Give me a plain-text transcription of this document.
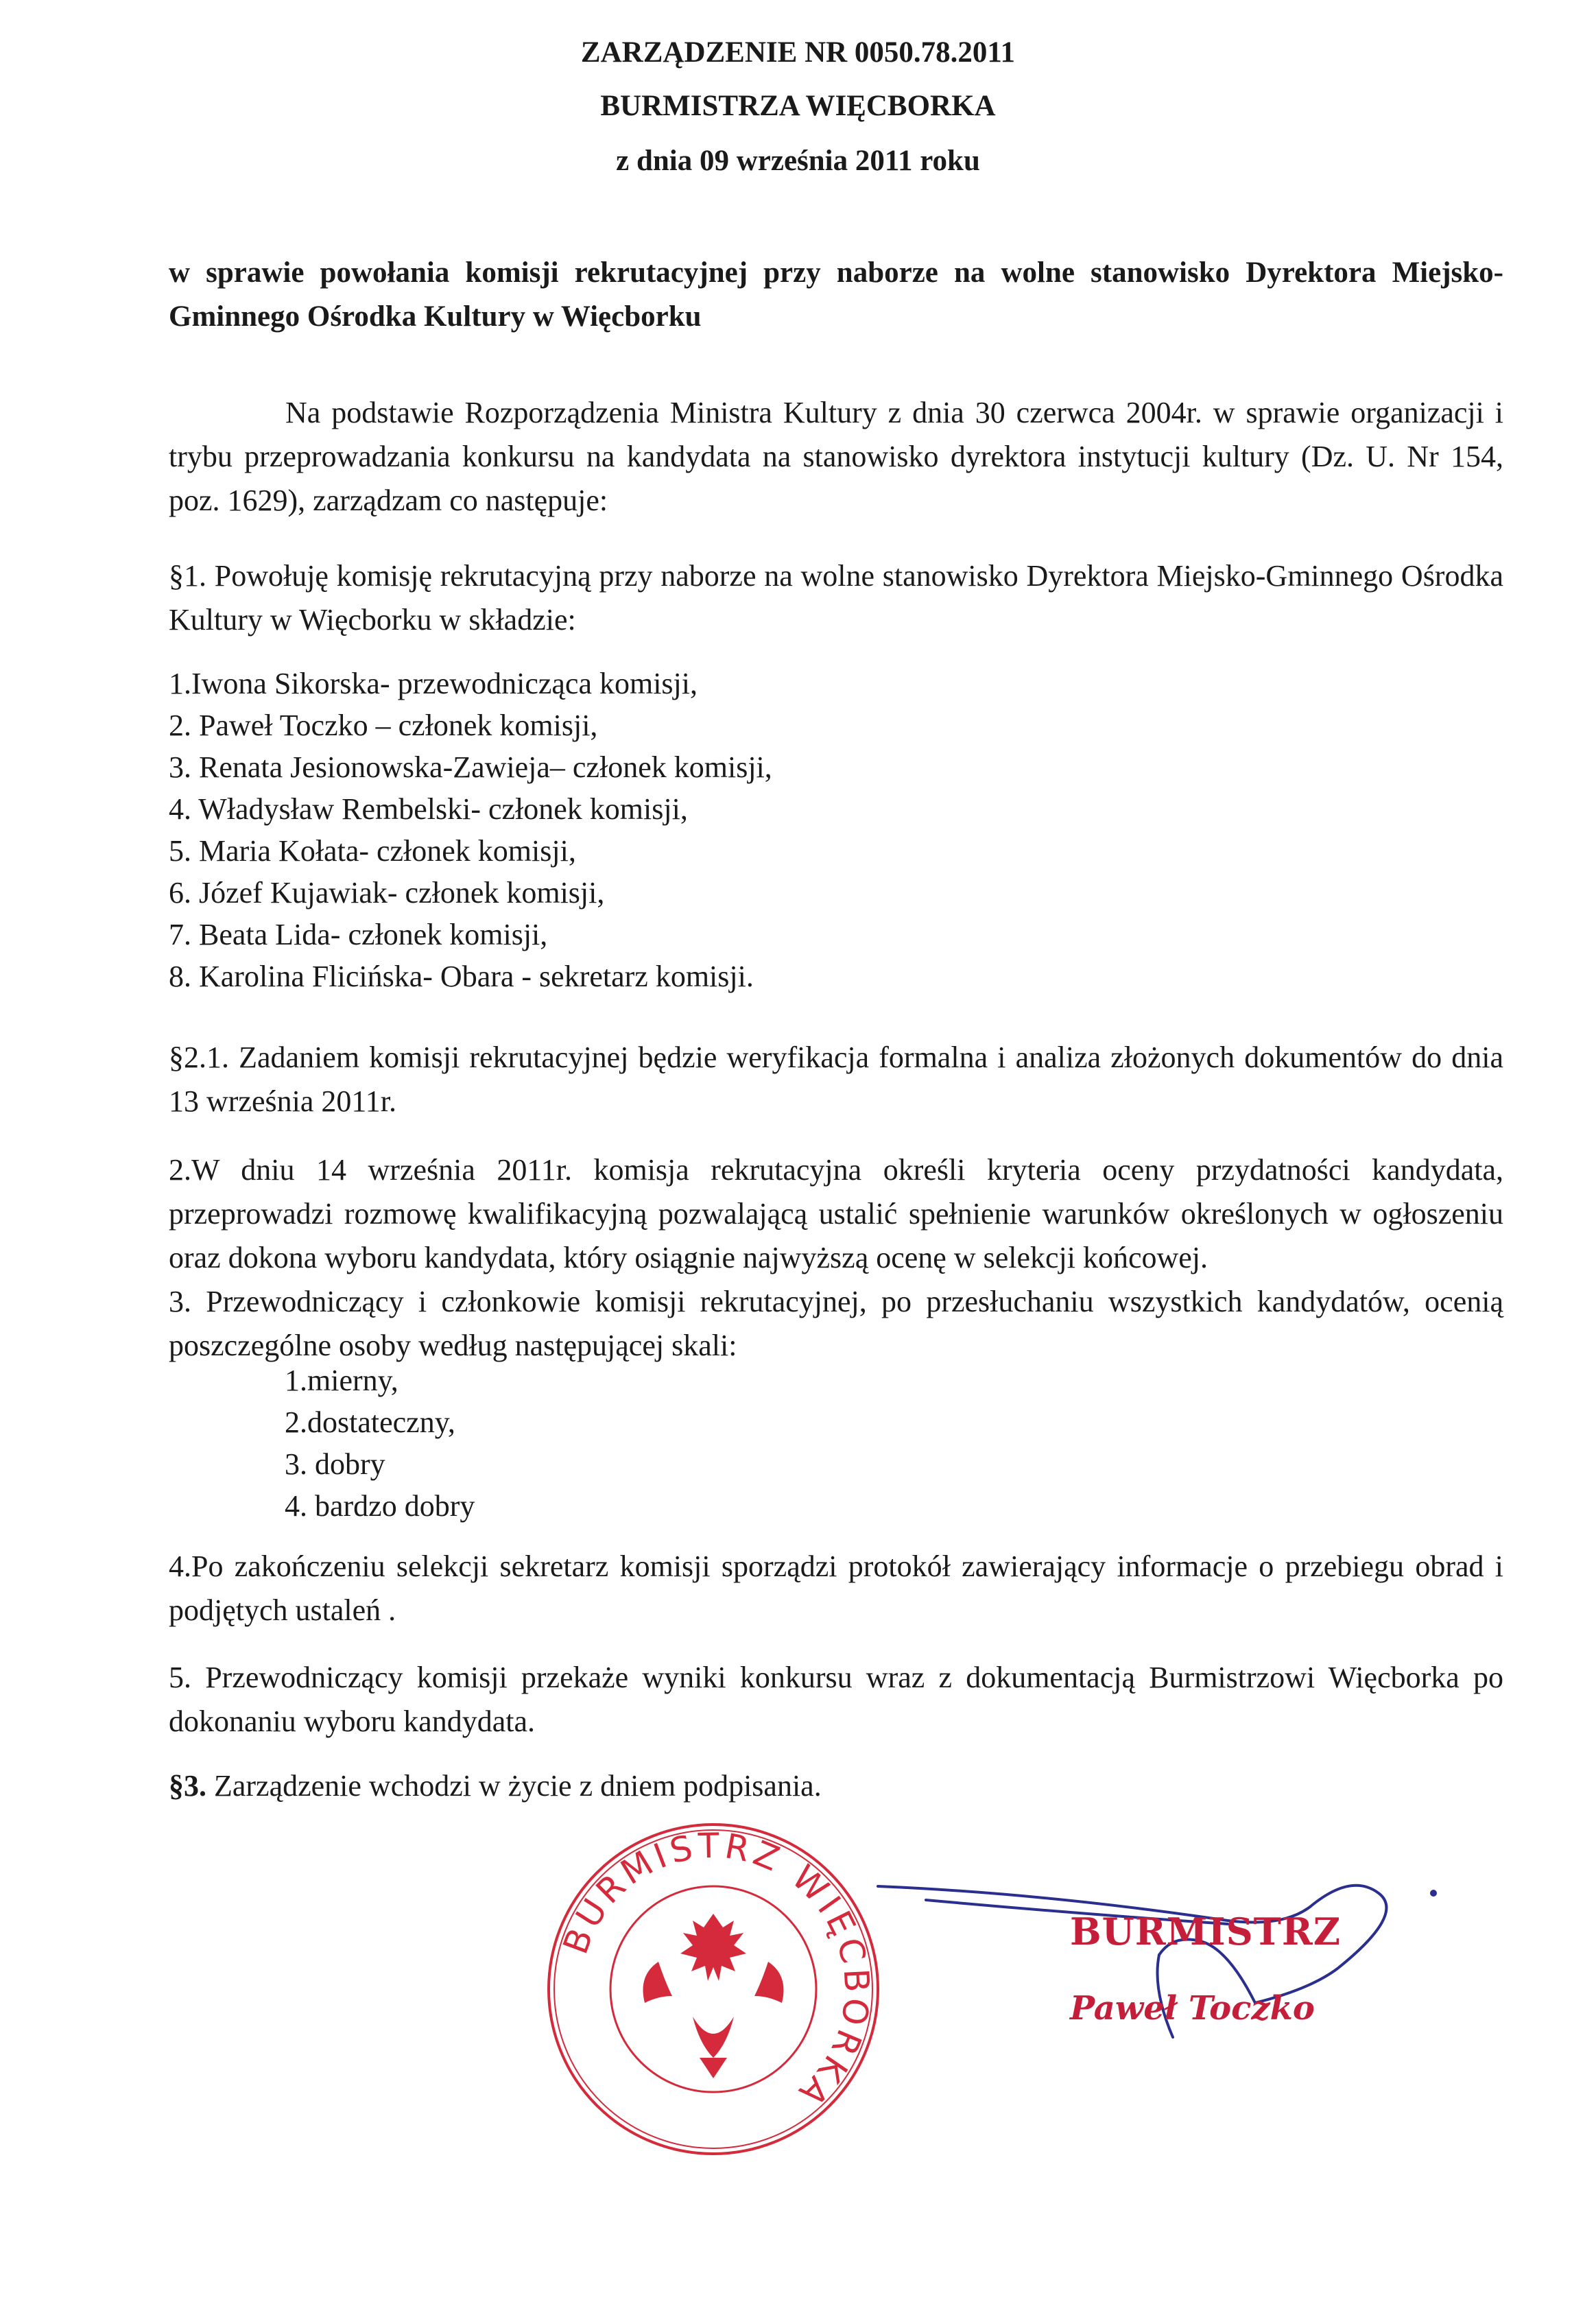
ZARZĄDZENIE NR 0050.78.2011
BURMISTRZA WIĘCBORKA
z dnia 09 września 2011 roku
w sprawie powołania komisji rekrutacyjnej przy naborze na wolne stanowisko Dyrektora Miejsko-Gminnego Ośrodka Kultury w Więcborku
Na podstawie Rozporządzenia Ministra Kultury z dnia 30 czerwca 2004r. w sprawie organizacji i trybu przeprowadzania konkursu na kandydata na stanowisko dyrektora instytucji kultury (Dz. U. Nr 154, poz. 1629), zarządzam co następuje:
§1. Powołuję komisję rekrutacyjną przy naborze na wolne stanowisko Dyrektora Miejsko-Gminnego Ośrodka Kultury w Więcborku w składzie:
1.Iwona Sikorska- przewodnicząca komisji,
2. Paweł Toczko – członek komisji,
3. Renata Jesionowska-Zawieja– członek komisji,
4. Władysław Rembelski- członek komisji,
5. Maria Kołata- członek komisji,
6. Józef Kujawiak- członek komisji,
7. Beata Lida- członek komisji,
8. Karolina Flicińska- Obara - sekretarz komisji.
§2.1. Zadaniem komisji rekrutacyjnej będzie weryfikacja formalna i analiza złożonych dokumentów do dnia 13 września 2011r.
2.W dniu 14 września 2011r. komisja rekrutacyjna określi kryteria oceny przydatności kandydata, przeprowadzi rozmowę kwalifikacyjną pozwalającą ustalić spełnienie warunków określonych w ogłoszeniu oraz dokona wyboru kandydata, który osiągnie najwyższą ocenę w selekcji końcowej.
3. Przewodniczący i członkowie komisji rekrutacyjnej, po przesłuchaniu wszystkich kandydatów, ocenią poszczególne osoby według następującej skali:
1.mierny,
2.dostateczny,
3. dobry
4. bardzo dobry
4.Po zakończeniu selekcji sekretarz komisji sporządzi protokół zawierający informacje o przebiegu obrad i podjętych ustaleń .
5. Przewodniczący komisji przekaże wyniki konkursu wraz z dokumentacją Burmistrzowi Więcborka po dokonaniu wyboru kandydata.
§3. Zarządzenie wchodzi w życie z dniem podpisania.
BURMISTRZ WIĘCBORKA
BURMISTRZ
Paweł Toczko
